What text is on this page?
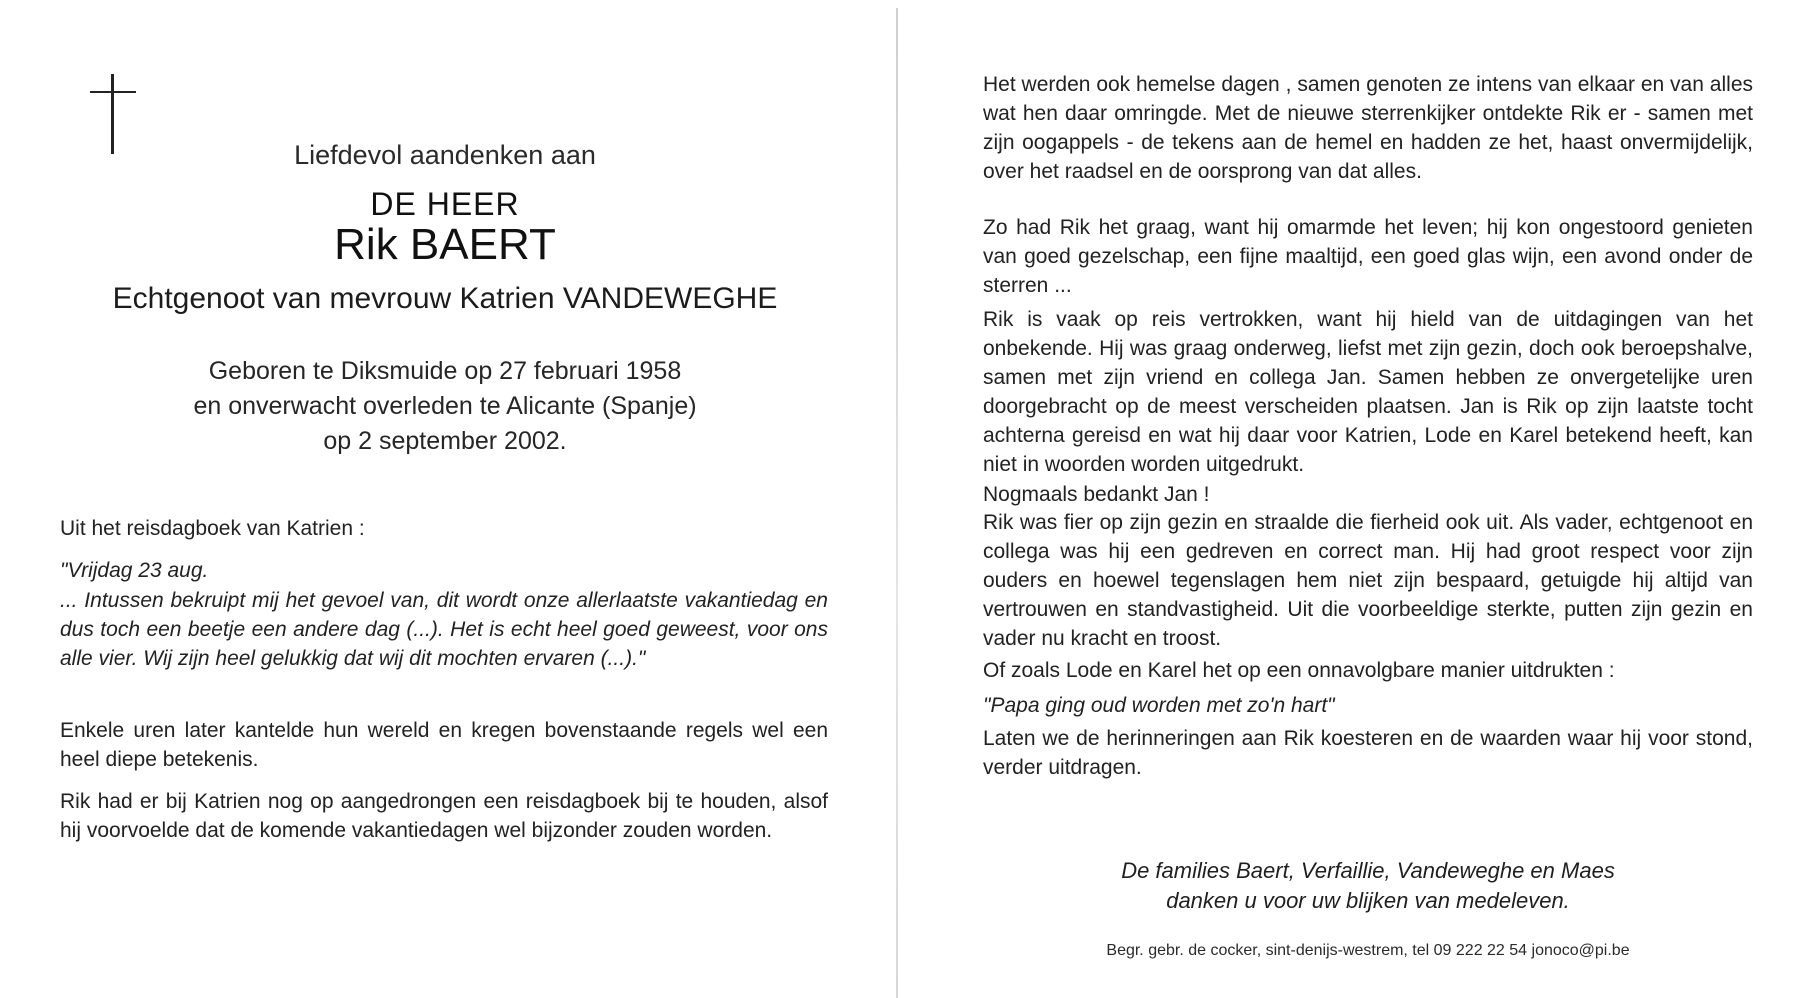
Liefdevol aandenken aan
DE HEER
Rik BAERT
Echtgenoot van mevrouw Katrien VANDEWEGHE
Geboren te Diksmuide op 27 februari 1958
en onverwacht overleden te Alicante (Spanje)
op 2 september 2002.
Uit het reisdagboek van Katrien :
"Vrijdag 23 aug.
... Intussen bekruipt mij het gevoel van, dit wordt onze allerlaatste vakantiedag en dus toch een beetje een andere dag (...). Het is echt heel goed geweest, voor ons alle vier. Wij zijn heel gelukkig dat wij dit mochten ervaren (...)."
Enkele uren later kantelde hun wereld en kregen bovenstaande regels wel een heel diepe betekenis.
Rik had er bij Katrien nog op aangedrongen een reisdagboek bij te houden, alsof hij voorvoelde dat de komende vakantiedagen wel bijzonder zouden worden.
Het werden ook hemelse dagen , samen genoten ze intens van elkaar en van alles wat hen daar omringde. Met de nieuwe sterrenkijker ontdekte Rik er - samen met zijn oogappels - de tekens aan de hemel en hadden ze het, haast onvermijdelijk, over het raadsel en de oorsprong van dat alles.
Zo had Rik het graag, want hij omarmde het leven; hij kon ongestoord genieten van goed gezelschap, een fijne maaltijd, een goed glas wijn, een avond onder de sterren ...
Rik is vaak op reis vertrokken, want hij hield van de uitdagingen van het onbekende. Hij was graag onderweg, liefst met zijn gezin, doch ook beroepshalve, samen met zijn vriend en collega Jan. Samen hebben ze onvergetelijke uren doorgebracht op de meest verscheiden plaatsen. Jan is Rik op zijn laatste tocht achterna gereisd en wat hij daar voor Katrien, Lode en Karel betekend heeft, kan niet in woorden worden uitgedrukt.
Nogmaals bedankt Jan !
Rik was fier op zijn gezin en straalde die fierheid ook uit. Als vader, echtgenoot en collega was hij een gedreven en correct man. Hij had groot respect voor zijn ouders en hoewel tegenslagen hem niet zijn bespaard, getuigde hij altijd van vertrouwen en standvastigheid. Uit die voorbeeldige sterkte, putten zijn gezin en vader nu kracht en troost.
Of zoals Lode en Karel het op een onnavolgbare manier uitdrukten :
"Papa ging oud worden met zo'n hart"
Laten we de herinneringen aan Rik koesteren en de waarden waar hij voor stond, verder uitdragen.
De families Baert, Verfaillie, Vandeweghe en Maes
danken u voor uw blijken van medeleven.
Begr. gebr. de cocker, sint-denijs-westrem, tel 09 222 22 54 jonoco@pi.be
